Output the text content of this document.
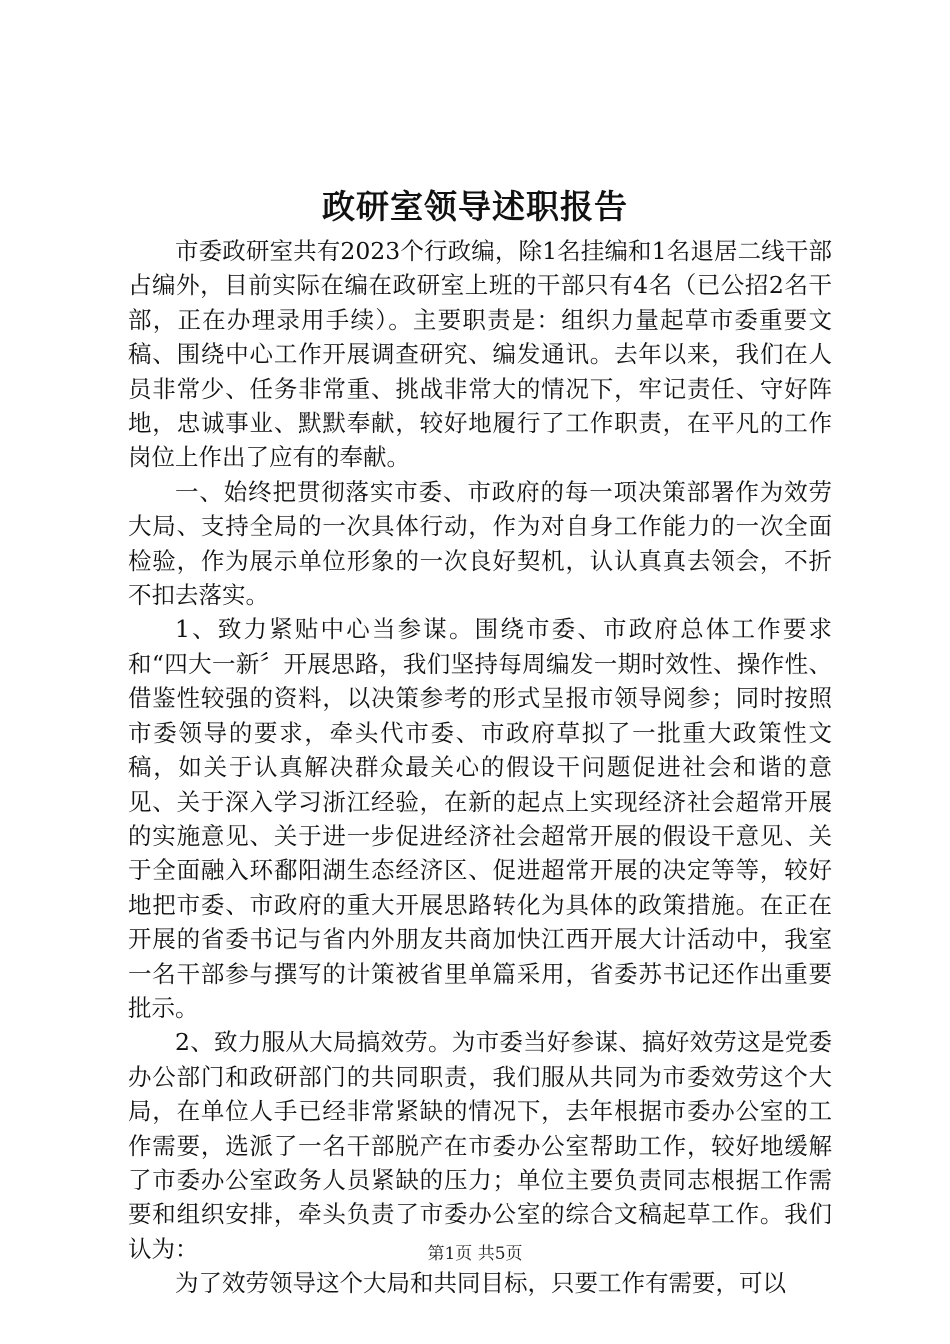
政研室领导述职报告

市委政研室共有2023个行政编，除1名挂编和1名退居二线干部占编外，目前实际在编在政研室上班的干部只有4名（已公招2名干部，正在办理录用手续）。主要职责是：组织力量起草市委重要文稿、围绕中心工作开展调查研究、编发通讯。去年以来，我们在人员非常少、任务非常重、挑战非常大的情况下，牢记责任、守好阵地，忠诚事业、默默奉献，较好地履行了工作职责，在平凡的工作岗位上作出了应有的奉献。

一、始终把贯彻落实市委、市政府的每一项决策部署作为效劳大局、支持全局的一次具体行动，作为对自身工作能力的一次全面检验，作为展示单位形象的一次良好契机，认认真真去领会，不折不扣去落实。

1、致力紧贴中心当参谋。围绕市委、市政府总体工作要求和“四大一新〞开展思路，我们坚持每周编发一期时效性、操作性、借鉴性较强的资料，以决策参考的形式呈报市领导阅参；同时按照市委领导的要求，牵头代市委、市政府草拟了一批重大政策性文稿，如关于认真解决群众最关心的假设干问题促进社会和谐的意见、关于深入学习浙江经验，在新的起点上实现经济社会超常开展的实施意见、关于进一步促进经济社会超常开展的假设干意见、关于全面融入环鄱阳湖生态经济区、促进超常开展的决定等等，较好地把市委、市政府的重大开展思路转化为具体的政策措施。在正在开展的省委书记与省内外朋友共商加快江西开展大计活动中，我室一名干部参与撰写的计策被省里单篇采用，省委苏书记还作出重要批示。

2、致力服从大局搞效劳。为市委当好参谋、搞好效劳这是党委办公部门和政研部门的共同职责，我们服从共同为市委效劳这个大局，在单位人手已经非常紧缺的情况下，去年根据市委办公室的工作需要，选派了一名干部脱产在市委办公室帮助工作，较好地缓解了市委办公室政务人员紧缺的压力；单位主要负责同志根据工作需要和组织安排，牵头负责了市委办公室的综合文稿起草工作。我们认为：

为了效劳领导这个大局和共同目标，只要工作有需要，可以

第1页 共5页
